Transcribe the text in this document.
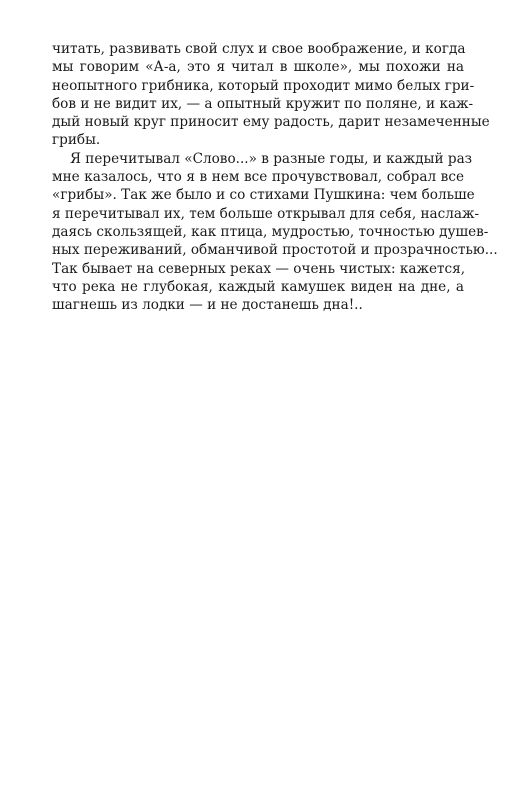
читать, развивать свой слух и свое воображение, и когда
мы говорим «А-а, это я читал в школе», мы похожи на
неопытного грибника, который проходит мимо белых гри-
бов и не видит их, — а опытный кружит по поляне, и каж-
дый новый круг приносит ему радость, дарит незамеченные
грибы.
Я перечитывал «Слово...» в разные годы, и каждый раз
мне казалось, что я в нем все прочувствовал, собрал все
«грибы». Так же было и со стихами Пушкина: чем больше
я перечитывал их, тем больше открывал для себя, наслаж-
даясь скользящей, как птица, мудростью, точностью душев-
ных переживаний, обманчивой простотой и прозрачностью...
Так бывает на северных реках — очень чистых: кажется,
что река не глубокая, каждый камушек виден на дне, а
шагнешь из лодки — и не достанешь дна!..
